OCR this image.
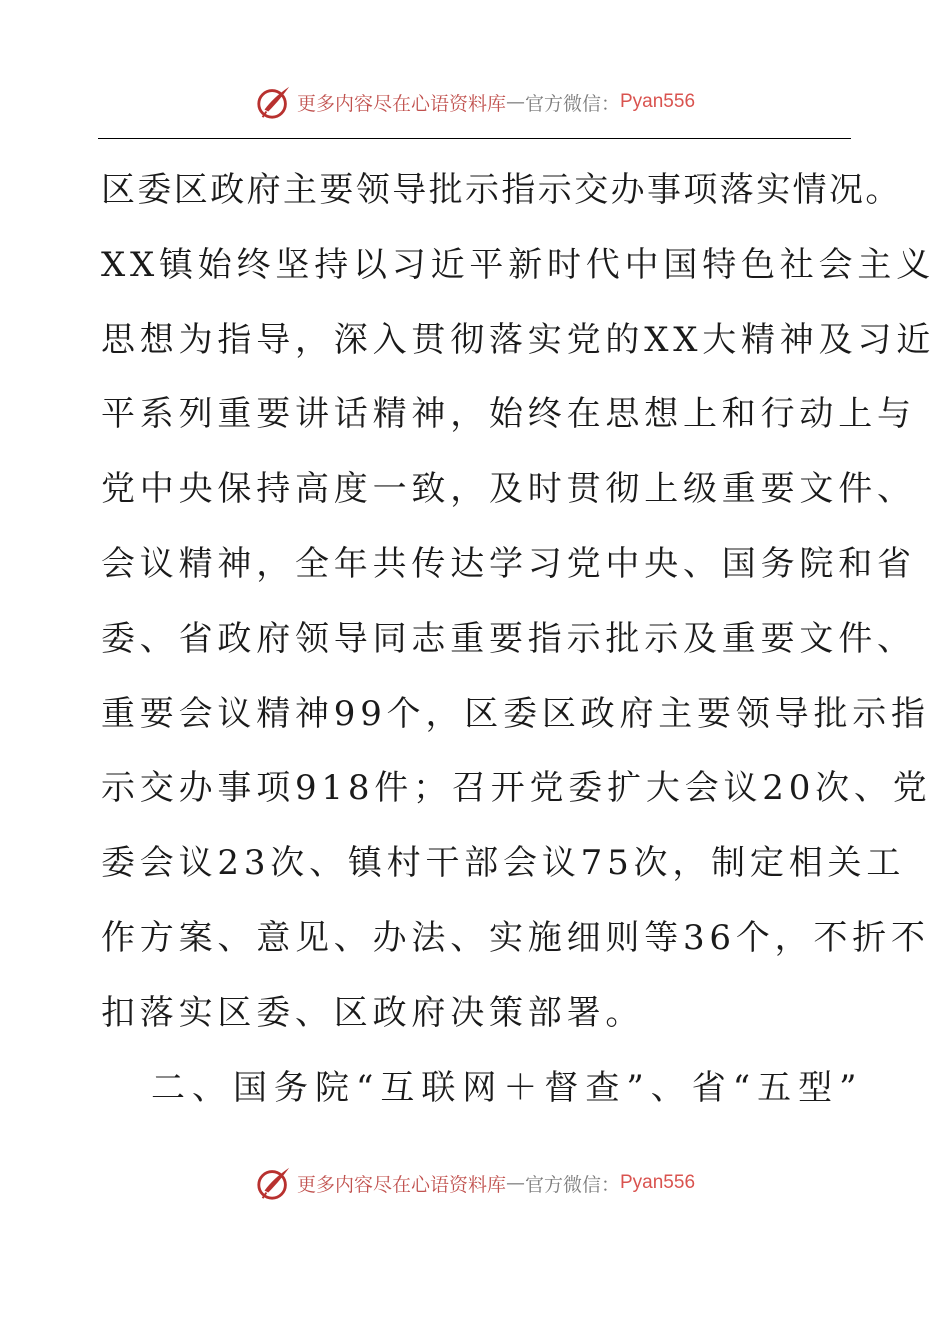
更多内容尽在心语资料库 — 官方微信： Pyan556
区委区政府主要领导批示指示交办事项落实情况。
XX镇始终坚持以习近平新时代中国特色社会主义
思想为指导，深入贯彻落实党的XX大精神及习近
平系列重要讲话精神，始终在思想上和行动上与
党中央保持高度一致，及时贯彻上级重要文件、
会议精神，全年共传达学习党中央、国务院和省
委、省政府领导同志重要指示批示及重要文件、
重要会议精神99个，区委区政府主要领导批示指
示交办事项918件；召开党委扩大会议20次、党
委会议23次、镇村干部会议75次，制定相关工
作方案、意见、办法、实施细则等36个，不折不
扣落实区委、区政府决策部署。
二、国务院“互联网＋督查”、省“五型”
更多内容尽在心语资料库 — 官方微信： Pyan556
